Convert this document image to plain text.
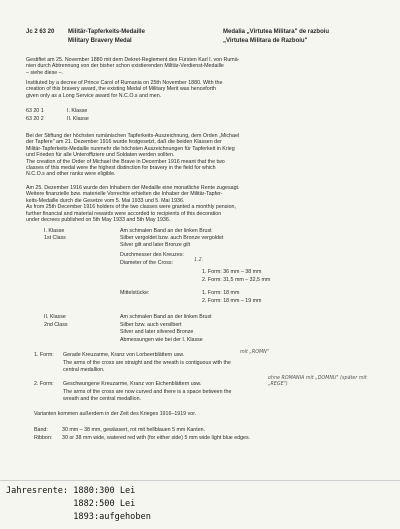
Jc 2 63 20 Militär-Tapferkeits-Medaille	Medalia „Virtutea Militara" de razboiu
Military Bravery Medal	„Virtutea Militara de Razboiu"
Gestiftet am 25. November 1880 mit dem Dekret-Reglement des Fürsten Karl I. von Rumä-
nien durch Abtrennung von der bisher schon existierenden Militär-Verdienst-Medaille
– siehe diese –.
Instituted by a decree of Prince Carol of Rumania on 25th November 1880. With the
creation of this bravery award, the existing Medal of Military Merit was henceforth
given only as a Long Service award for N.C.O.s and men.
63 20 1	I. Klasse
63 20 2	II. Klasse
Bei der Stiftung der höchsten rumänischen Tapferkeits-Auszeichnung, dem Orden „Michael
der Tapfere" am 21. Dezember 1916 wurde festgesetzt, daß die beiden Klassen der
Militär-Tapferkeits-Medaille nunmehr die höchsten Auszeichnungen für Tapferkeit in Krieg
und Frieden für alle Unteroffiziere und Soldaten werden sollten.
The creation of the Order of Michael the Brave in December 1916 meant that the two
classes of this medal were the highest distinction for bravery in the field for which
N.C.O.s and other ranks were eligible.
Am 25. Dezember 1916 wurde den Inhabern der Medaille eine monatliche Rente zugesagt.
Weitere finanzielle bzw. materielle Vorrechte erhielten die Inhaber der Militär-Tapfer-
keits-Medaille durch die Gesetze vom 5. Mai 1933 und 5. Mai 1936.
As from 25th December 1916 holders of the two classes were granted a monthly pension,
further financial and material rewards were accorded to recipients of this decoration
under decrees published on 5th May 1933 and 5th May 1936.
I. Klasse
1st Class
Am schmalen Band an der linken Brust
Silber vergoldet bzw. auch Bronze vergoldet
Silver gilt and later Bronze gilt
Durchmesser des Kreuzes:
Diameter of the Cross:
1. Form: 36 mm – 38 mm
2. Form: 31,5 mm – 32,5 mm
1.2.
Mittelstücke:	1. Form: 18 mm
2. Form: 18 mm – 19 mm
II. Klasse
2nd Class
Am schmalen Band an der linken Brust
Silber bzw. auch versilbert
Silver and later silvered Bronze
Abmessungen wie bei der I. Klasse
1. Form: Gerade Kreuzarme, Kranz von Lorbeerblättern usw.	mit „ROMN"
The arms of the cross are straight and the wreath is contiguous with the
central medallion.
2. Form: Geschwungene Kreuzarme, Kranz von Eichenblättern usw.
ohne ROMANIA mit „DOMNU" (später mit „REGE")
The arms of the cross are now curved and there is a space between the
wreath and the central medallion.
Varianten kommen außerdem in der Zeit des Krieges 1916–1919 vor.
Band:	30 mm – 38 mm, gewässert, rot mit hellblauen 5 mm Kanten.
Ribbon: 30 or 38 mm wide, watered red with (for either side) 5 mm wide light blue edges.
Jahresrente: 1880:300 Lei
1882:500 Lei
1893:aufgehoben
